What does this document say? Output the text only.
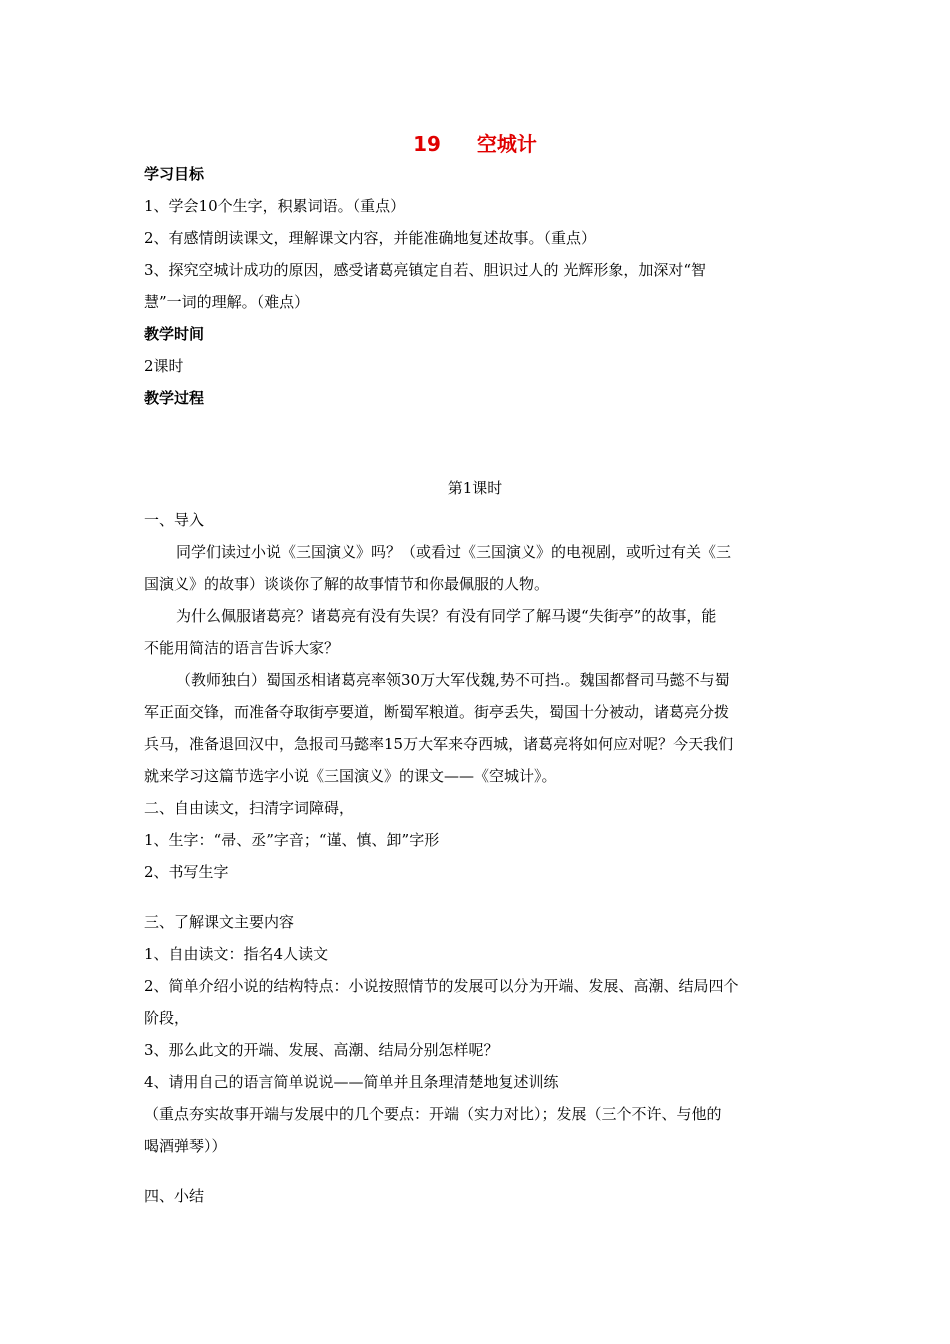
19 空城计
学习目标
1、学会10个生字，积累词语。（重点）
2、有感情朗读课文，理解课文内容，并能准确地复述故事。（重点）
3、探究空城计成功的原因，感受诸葛亮镇定自若、胆识过人的 光辉形象，加深对“智
慧”一词的理解。（难点）
教学时间
2课时
教学过程
第1课时
一、导入
同学们读过小说《三国演义》吗？（或看过《三国演义》的电视剧，或听过有关《三
国演义》的故事）谈谈你了解的故事情节和你最佩服的人物。
为什么佩服诸葛亮？诸葛亮有没有失误？有没有同学了解马谡“失街亭”的故事，能
不能用简洁的语言告诉大家？
（教师独白）蜀国丞相诸葛亮率领30万大军伐魏,势不可挡.。魏国都督司马懿不与蜀
军正面交锋，而准备夺取街亭要道，断蜀军粮道。街亭丢失，蜀国十分被动，诸葛亮分拨
兵马，准备退回汉中，急报司马懿率15万大军来夺西城，诸葛亮将如何应对呢？今天我们
就来学习这篇节选字小说《三国演义》的课文——《空城计》。
二、自由读文，扫清字词障碍，
1、生字：“帚、丞”字音；“谨、慎、卸”字形
2、书写生字
三、了解课文主要内容
1、自由读文：指名4人读文
2、简单介绍小说的结构特点：小说按照情节的发展可以分为开端、发展、高潮、结局四个
阶段，
3、那么此文的开端、发展、高潮、结局分别怎样呢？
4、请用自己的语言简单说说——简单并且条理清楚地复述训练
（重点夯实故事开端与发展中的几个要点：开端（实力对比）；发展（三个不许、与他的
喝酒弹琴））
四、小结
